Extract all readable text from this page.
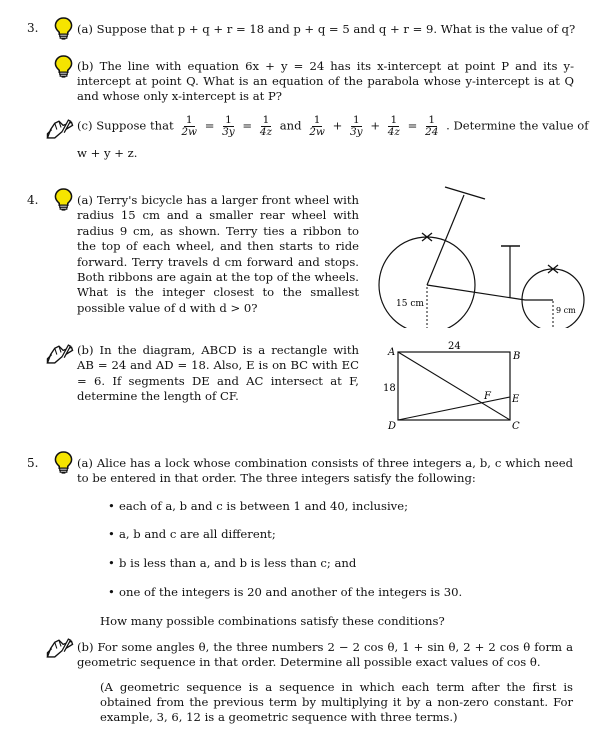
3.	(a) Suppose that p + q + r = 18 and p + q = 5 and q + r = 9. What is the value of q?
(b) The line with equation 6x + y = 24 has its x-intercept at point P and its y-intercept at point Q. What is an equation of the parabola whose y-intercept is at Q and whose only x-intercept is at P?
(c) Suppose that $\frac{1}{2w} = \frac{1}{3y} = \frac{1}{4z}$ and $\frac{1}{2w} + \frac{1}{3y} + \frac{1}{4z} = \frac{1}{24}$ . Determine the value of
w + y + z.
4.	(a) Terry's bicycle has a larger front wheel with radius 15 cm and a smaller rear wheel with radius 9 cm, as shown. Terry ties a ribbon to the top of each wheel, and then starts to ride forward. Terry travels d cm forward and stops. Both ribbons are again at the top of the wheels. What is the integer closest to the smallest possible value of d with d > 0?	15 cm
9 cm
(b) In the diagram, ABCD is a rectangle with AB = 24 and AD = 18. Also, E is on BC with EC = 6. If segments DE and AC intersect at F, determine the length of CF.
24
18
A	B
C
D
E
F
5.	(a) Alice has a lock whose combination consists of three integers a, b, c which need to be entered in that order. The three integers satisfy the following:
• each of a, b and c is between 1 and 40, inclusive;
• a, b and c are all different;
• b is less than a, and b is less than c; and
• one of the integers is 20 and another of the integers is 30.
How many possible combinations satisfy these conditions?
(b) For some angles θ, the three numbers 2 − 2 cos θ, 1 + sin θ, 2 + 2 cos θ form a geometric sequence in that order. Determine all possible exact values of cos θ.
(A geometric sequence is a sequence in which each term after the first is obtained from the previous term by multiplying it by a non-zero constant. For example, 3, 6, 12 is a geometric sequence with three terms.)
